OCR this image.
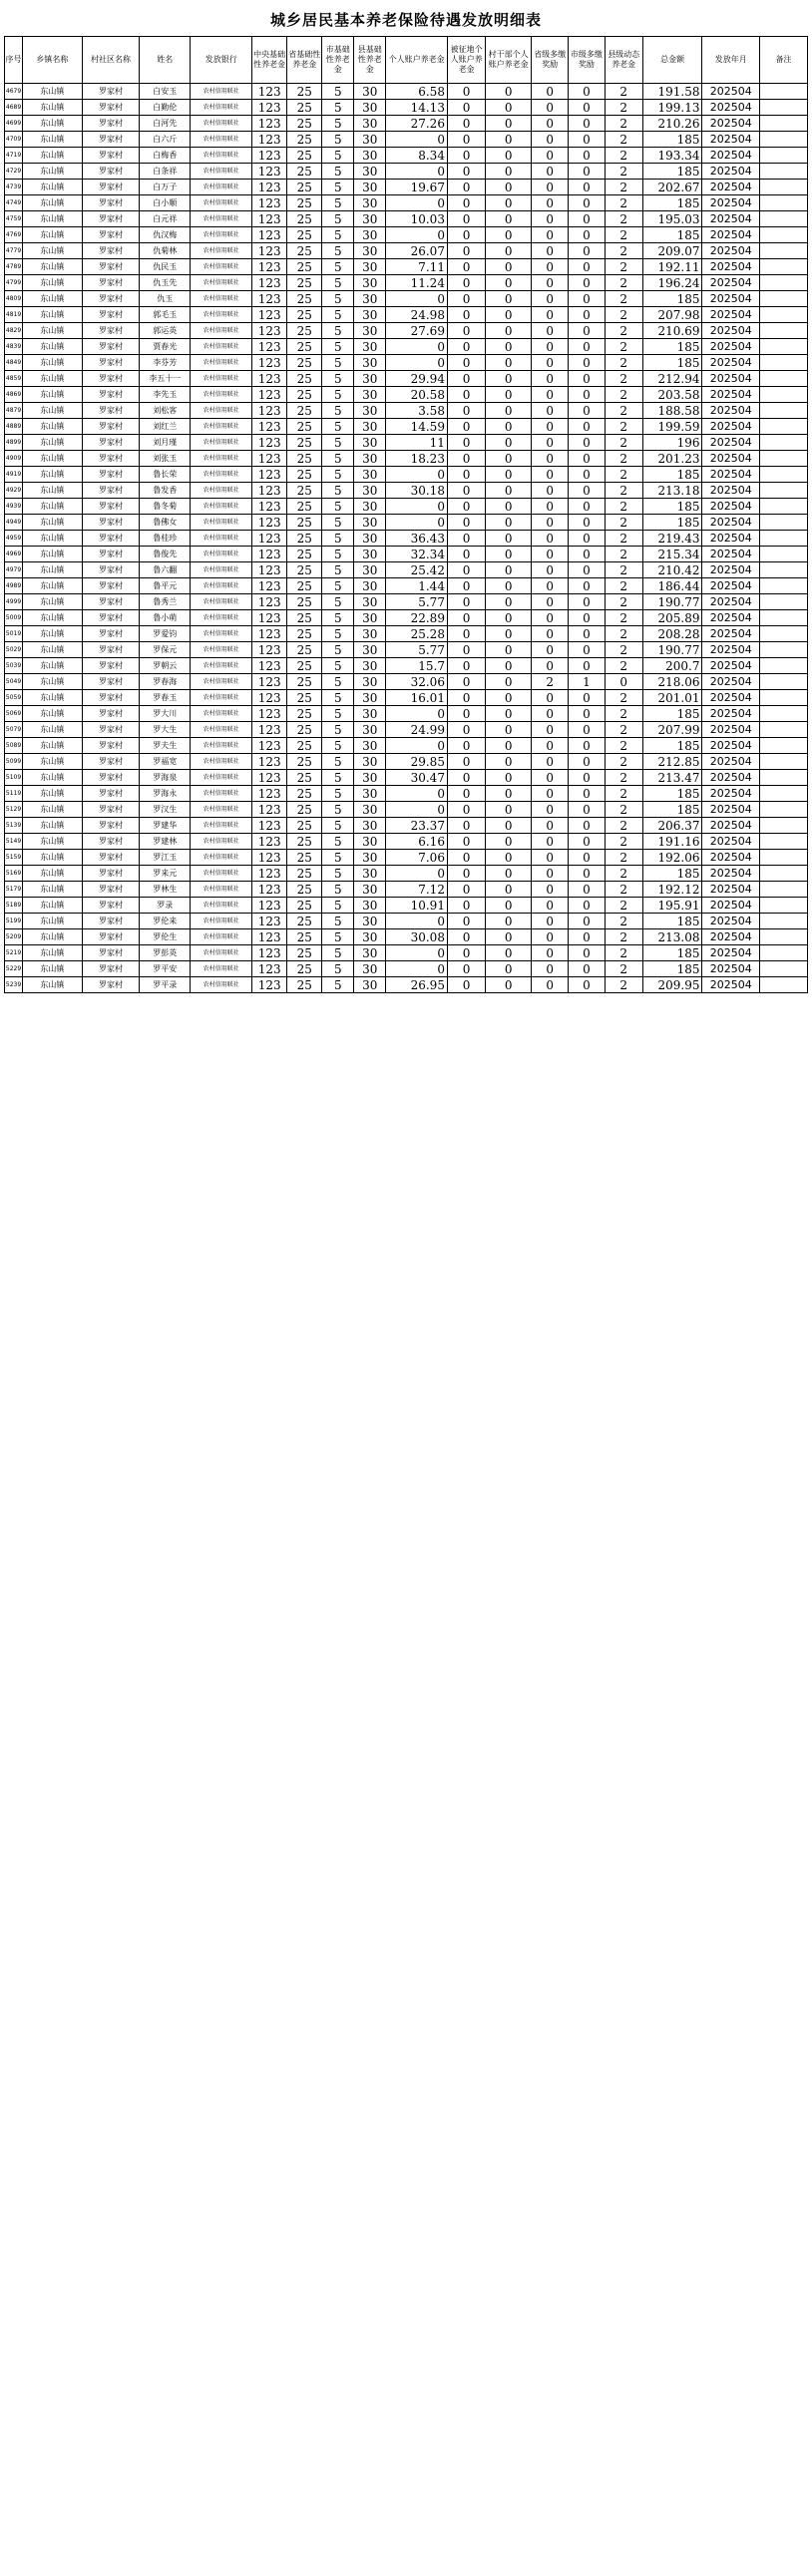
城乡居民基本养老保险待遇发放明细表
序号	乡镇名称	村社区名称	姓名	发放银行	中央基础性养老金	省基础性养老金	市基础性养老金	县基础性养老金	个人账户养老金	被征地个人账户养老金	村干部个人账户养老金	省级多缴奖励	市级多缴奖励	县级动态养老金	总金额	发放年月	备注
4679	东山镇	罗家村	白安玉	农村信用联社	123	25	5	30	6.58	0	0	0	0	2	191.58	202504	
4689	东山镇	罗家村	白勤伦	农村信用联社	123	25	5	30	14.13	0	0	0	0	2	199.13	202504	
4699	东山镇	罗家村	白河先	农村信用联社	123	25	5	30	27.26	0	0	0	0	2	210.26	202504	
4709	东山镇	罗家村	白六斤	农村信用联社	123	25	5	30	0	0	0	0	0	2	185	202504	
4719	东山镇	罗家村	白梅香	农村信用联社	123	25	5	30	8.34	0	0	0	0	2	193.34	202504	
4729	东山镇	罗家村	白条祥	农村信用联社	123	25	5	30	0	0	0	0	0	2	185	202504	
4739	东山镇	罗家村	白万子	农村信用联社	123	25	5	30	19.67	0	0	0	0	2	202.67	202504	
4749	东山镇	罗家村	白小顺	农村信用联社	123	25	5	30	0	0	0	0	0	2	185	202504	
4759	东山镇	罗家村	白元祥	农村信用联社	123	25	5	30	10.03	0	0	0	0	2	195.03	202504	
4769	东山镇	罗家村	仇汉梅	农村信用联社	123	25	5	30	0	0	0	0	0	2	185	202504	
4779	东山镇	罗家村	仇菊林	农村信用联社	123	25	5	30	26.07	0	0	0	0	2	209.07	202504	
4789	东山镇	罗家村	仇民玉	农村信用联社	123	25	5	30	7.11	0	0	0	0	2	192.11	202504	
4799	东山镇	罗家村	仇玉先	农村信用联社	123	25	5	30	11.24	0	0	0	0	2	196.24	202504	
4809	东山镇	罗家村	仇玉	农村信用联社	123	25	5	30	0	0	0	0	0	2	185	202504	
4819	东山镇	罗家村	郭毛玉	农村信用联社	123	25	5	30	24.98	0	0	0	0	2	207.98	202504	
4829	东山镇	罗家村	郭运英	农村信用联社	123	25	5	30	27.69	0	0	0	0	2	210.69	202504	
4839	东山镇	罗家村	贾春光	农村信用联社	123	25	5	30	0	0	0	0	0	2	185	202504	
4849	东山镇	罗家村	李芬芳	农村信用联社	123	25	5	30	0	0	0	0	0	2	185	202504	
4859	东山镇	罗家村	李五十一	农村信用联社	123	25	5	30	29.94	0	0	0	0	2	212.94	202504	
4869	东山镇	罗家村	李先玉	农村信用联社	123	25	5	30	20.58	0	0	0	0	2	203.58	202504	
4879	东山镇	罗家村	刘松客	农村信用联社	123	25	5	30	3.58	0	0	0	0	2	188.58	202504	
4889	东山镇	罗家村	刘红兰	农村信用联社	123	25	5	30	14.59	0	0	0	0	2	199.59	202504	
4899	东山镇	罗家村	刘月瑾	农村信用联社	123	25	5	30	11	0	0	0	0	2	196	202504	
4909	东山镇	罗家村	刘张玉	农村信用联社	123	25	5	30	18.23	0	0	0	0	2	201.23	202504	
4919	东山镇	罗家村	鲁长荣	农村信用联社	123	25	5	30	0	0	0	0	0	2	185	202504	
4929	东山镇	罗家村	鲁发香	农村信用联社	123	25	5	30	30.18	0	0	0	0	2	213.18	202504	
4939	东山镇	罗家村	鲁冬菊	农村信用联社	123	25	5	30	0	0	0	0	0	2	185	202504	
4949	东山镇	罗家村	鲁佛女	农村信用联社	123	25	5	30	0	0	0	0	0	2	185	202504	
4959	东山镇	罗家村	鲁桂珍	农村信用联社	123	25	5	30	36.43	0	0	0	0	2	219.43	202504	
4969	东山镇	罗家村	鲁俊先	农村信用联社	123	25	5	30	32.34	0	0	0	0	2	215.34	202504	
4979	东山镇	罗家村	鲁六翻	农村信用联社	123	25	5	30	25.42	0	0	0	0	2	210.42	202504	
4989	东山镇	罗家村	鲁平元	农村信用联社	123	25	5	30	1.44	0	0	0	0	2	186.44	202504	
4999	东山镇	罗家村	鲁秀兰	农村信用联社	123	25	5	30	5.77	0	0	0	0	2	190.77	202504	
5009	东山镇	罗家村	鲁小萌	农村信用联社	123	25	5	30	22.89	0	0	0	0	2	205.89	202504	
5019	东山镇	罗家村	罗爱钧	农村信用联社	123	25	5	30	25.28	0	0	0	0	2	208.28	202504	
5029	东山镇	罗家村	罗保元	农村信用联社	123	25	5	30	5.77	0	0	0	0	2	190.77	202504	
5039	东山镇	罗家村	罗朝云	农村信用联社	123	25	5	30	15.7	0	0	0	0	2	200.7	202504	
5049	东山镇	罗家村	罗春海	农村信用联社	123	25	5	30	32.06	0	0	2	1	0	218.06	202504	
5059	东山镇	罗家村	罗春玉	农村信用联社	123	25	5	30	16.01	0	0	0	0	2	201.01	202504	
5069	东山镇	罗家村	罗大川	农村信用联社	123	25	5	30	0	0	0	0	0	2	185	202504	
5079	东山镇	罗家村	罗大生	农村信用联社	123	25	5	30	24.99	0	0	0	0	2	207.99	202504	
5089	东山镇	罗家村	罗夫生	农村信用联社	123	25	5	30	0	0	0	0	0	2	185	202504	
5099	东山镇	罗家村	罗福宽	农村信用联社	123	25	5	30	29.85	0	0	0	0	2	212.85	202504	
5109	东山镇	罗家村	罗海泉	农村信用联社	123	25	5	30	30.47	0	0	0	0	2	213.47	202504	
5119	东山镇	罗家村	罗海永	农村信用联社	123	25	5	30	0	0	0	0	0	2	185	202504	
5129	东山镇	罗家村	罗汉生	农村信用联社	123	25	5	30	0	0	0	0	0	2	185	202504	
5139	东山镇	罗家村	罗建华	农村信用联社	123	25	5	30	23.37	0	0	0	0	2	206.37	202504	
5149	东山镇	罗家村	罗建林	农村信用联社	123	25	5	30	6.16	0	0	0	0	2	191.16	202504	
5159	东山镇	罗家村	罗江玉	农村信用联社	123	25	5	30	7.06	0	0	0	0	2	192.06	202504	
5169	东山镇	罗家村	罗来元	农村信用联社	123	25	5	30	0	0	0	0	0	2	185	202504	
5179	东山镇	罗家村	罗林生	农村信用联社	123	25	5	30	7.12	0	0	0	0	2	192.12	202504	
5189	东山镇	罗家村	罗录	农村信用联社	123	25	5	30	10.91	0	0	0	0	2	195.91	202504	
5199	东山镇	罗家村	罗伦来	农村信用联社	123	25	5	30	0	0	0	0	0	2	185	202504	
5209	东山镇	罗家村	罗伦生	农村信用联社	123	25	5	30	30.08	0	0	0	0	2	213.08	202504	
5219	东山镇	罗家村	罗彭英	农村信用联社	123	25	5	30	0	0	0	0	0	2	185	202504	
5229	东山镇	罗家村	罗平安	农村信用联社	123	25	5	30	0	0	0	0	0	2	185	202504	
5239	东山镇	罗家村	罗平录	农村信用联社	123	25	5	30	26.95	0	0	0	0	2	209.95	202504	
